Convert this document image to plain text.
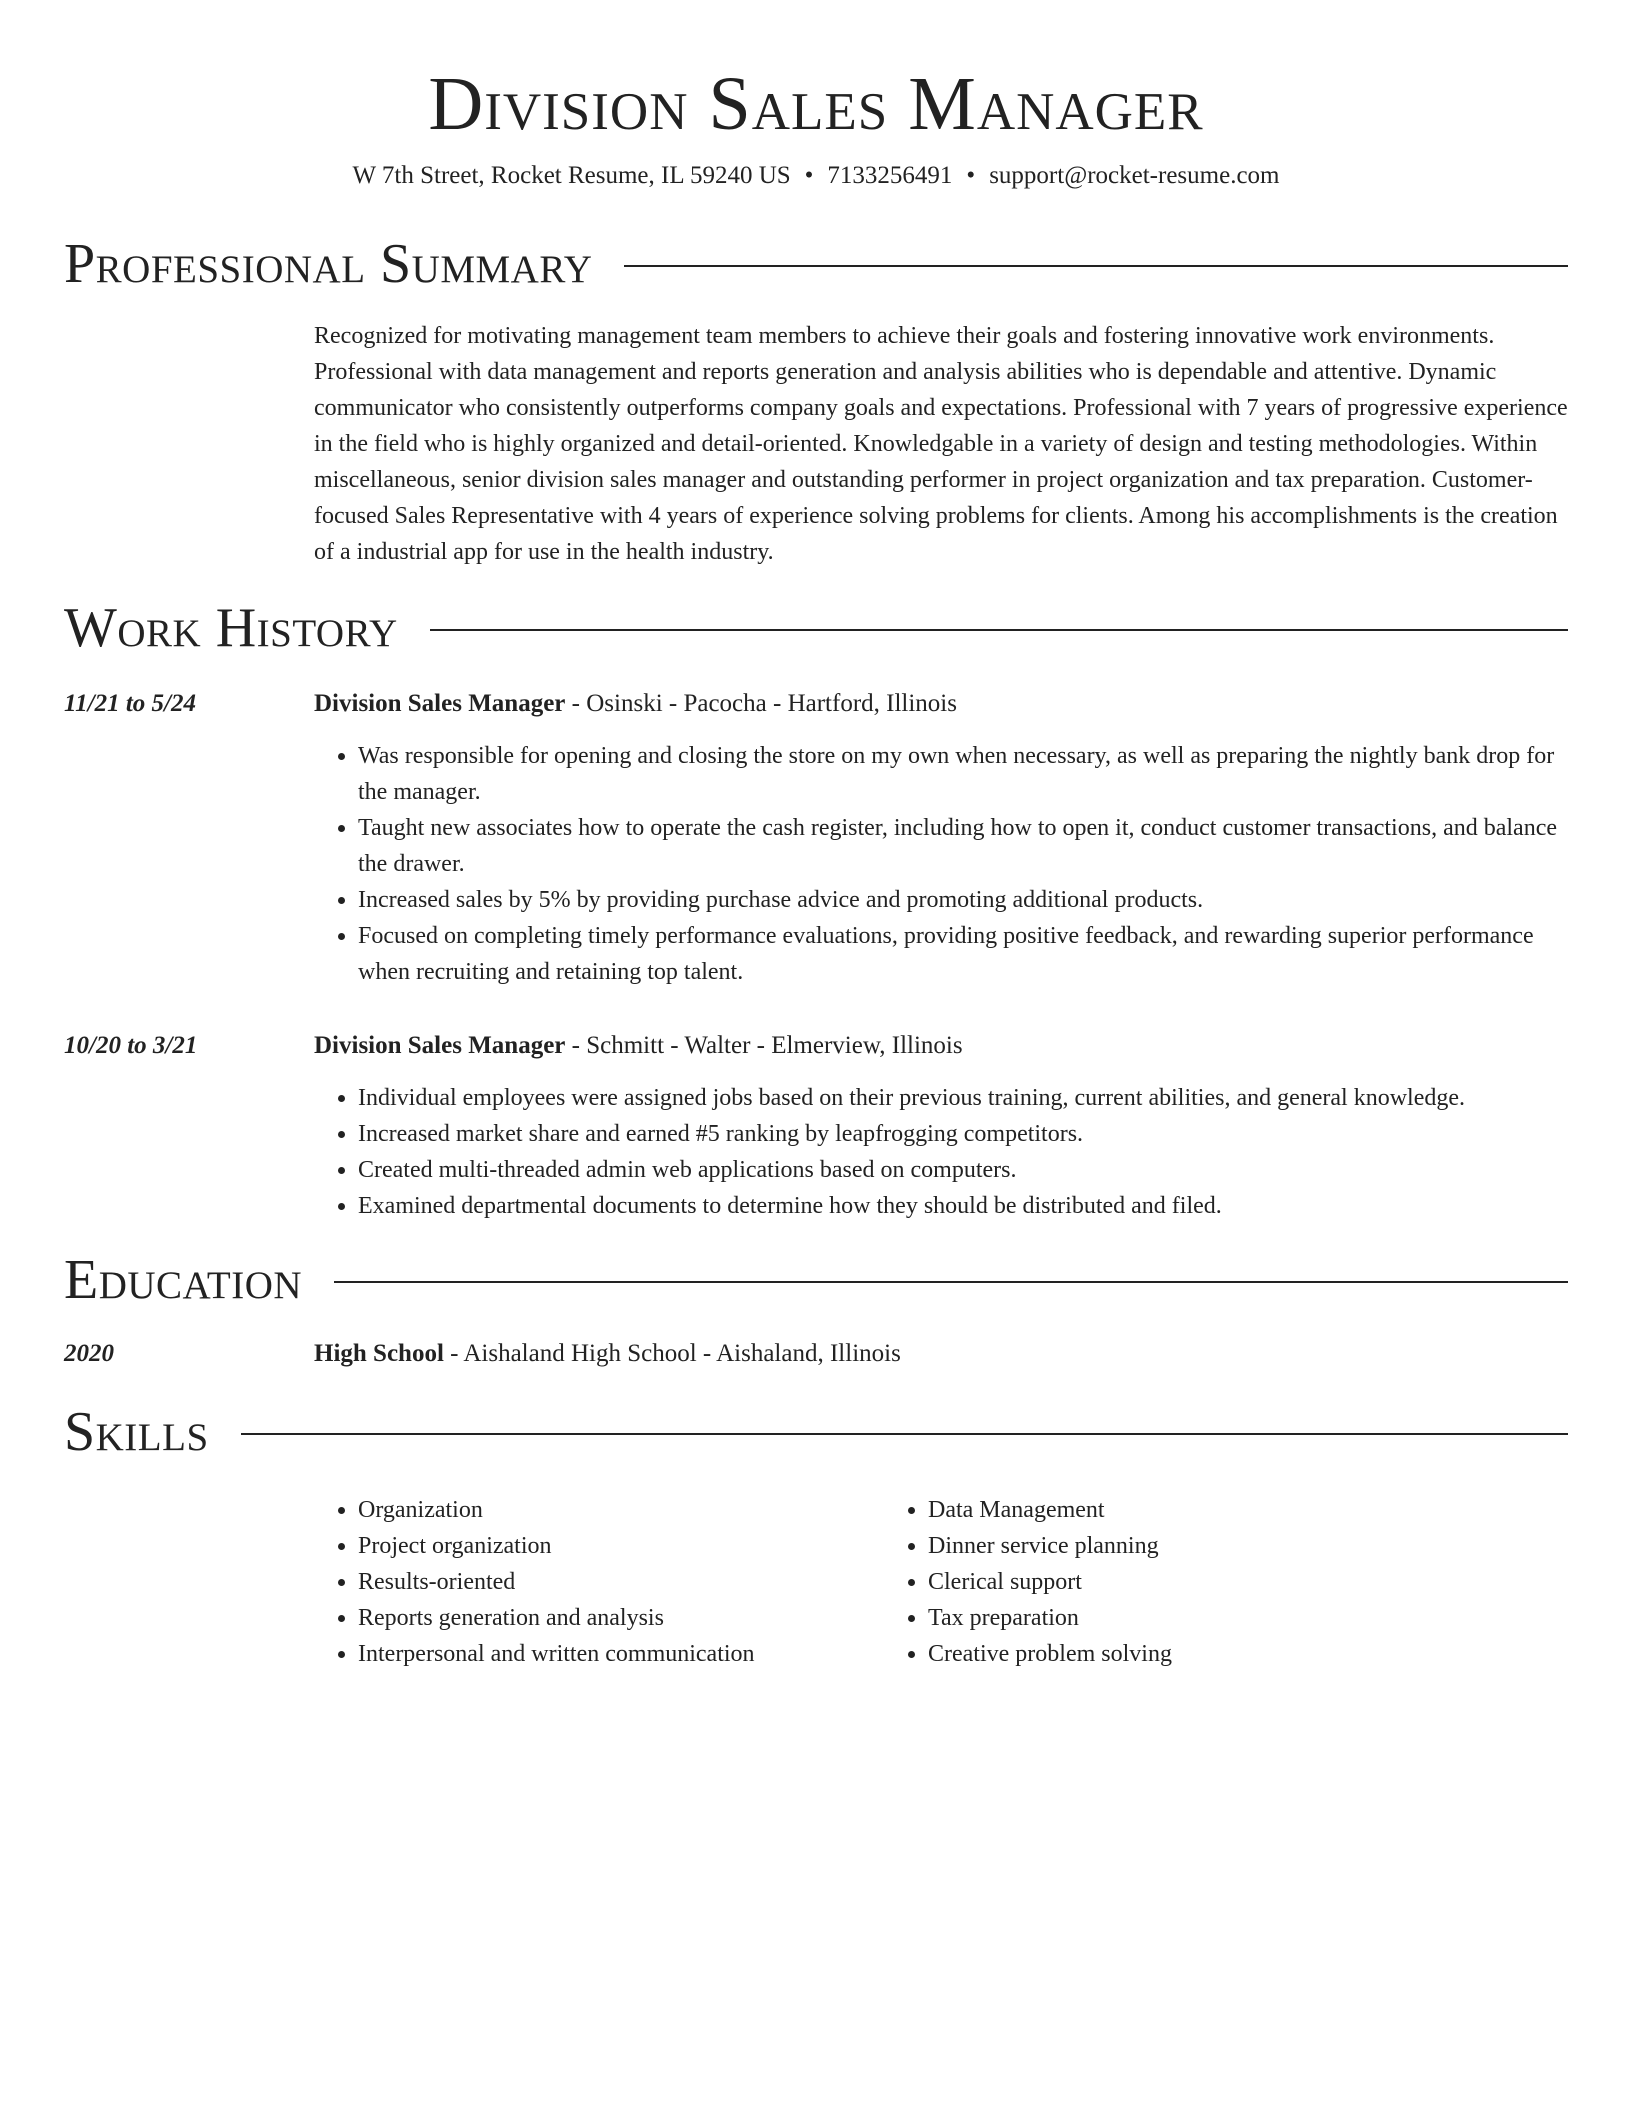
Division Sales Manager
W 7th Street, Rocket Resume, IL 59240 US • 7133256491 • support@rocket-resume.com
Professional Summary
Recognized for motivating management team members to achieve their goals and fostering innovative work environments. Professional with data management and reports generation and analysis abilities who is dependable and attentive. Dynamic communicator who consistently outperforms company goals and expectations. Professional with 7 years of progressive experience in the field who is highly organized and detail-oriented. Knowledgable in a variety of design and testing methodologies. Within miscellaneous, senior division sales manager and outstanding performer in project organization and tax preparation. Customer-focused Sales Representative with 4 years of experience solving problems for clients. Among his accomplishments is the creation of a industrial app for use in the health industry.
Work History
11/21 to 5/24	Division Sales Manager - Osinski - Pacocha - Hartford, Illinois
• Was responsible for opening and closing the store on my own when necessary, as well as preparing the nightly bank drop for the manager.
• Taught new associates how to operate the cash register, including how to open it, conduct customer transactions, and balance the drawer.
• Increased sales by 5% by providing purchase advice and promoting additional products.
• Focused on completing timely performance evaluations, providing positive feedback, and rewarding superior performance when recruiting and retaining top talent.
10/20 to 3/21	Division Sales Manager - Schmitt - Walter - Elmerview, Illinois
• Individual employees were assigned jobs based on their previous training, current abilities, and general knowledge.
• Increased market share and earned #5 ranking by leapfrogging competitors.
• Created multi-threaded admin web applications based on computers.
• Examined departmental documents to determine how they should be distributed and filed.
Education
2020	High School - Aishaland High School - Aishaland, Illinois
Skills
• Organization
• Project organization
• Results-oriented
• Reports generation and analysis
• Interpersonal and written communication
• Data Management
• Dinner service planning
• Clerical support
• Tax preparation
• Creative problem solving
